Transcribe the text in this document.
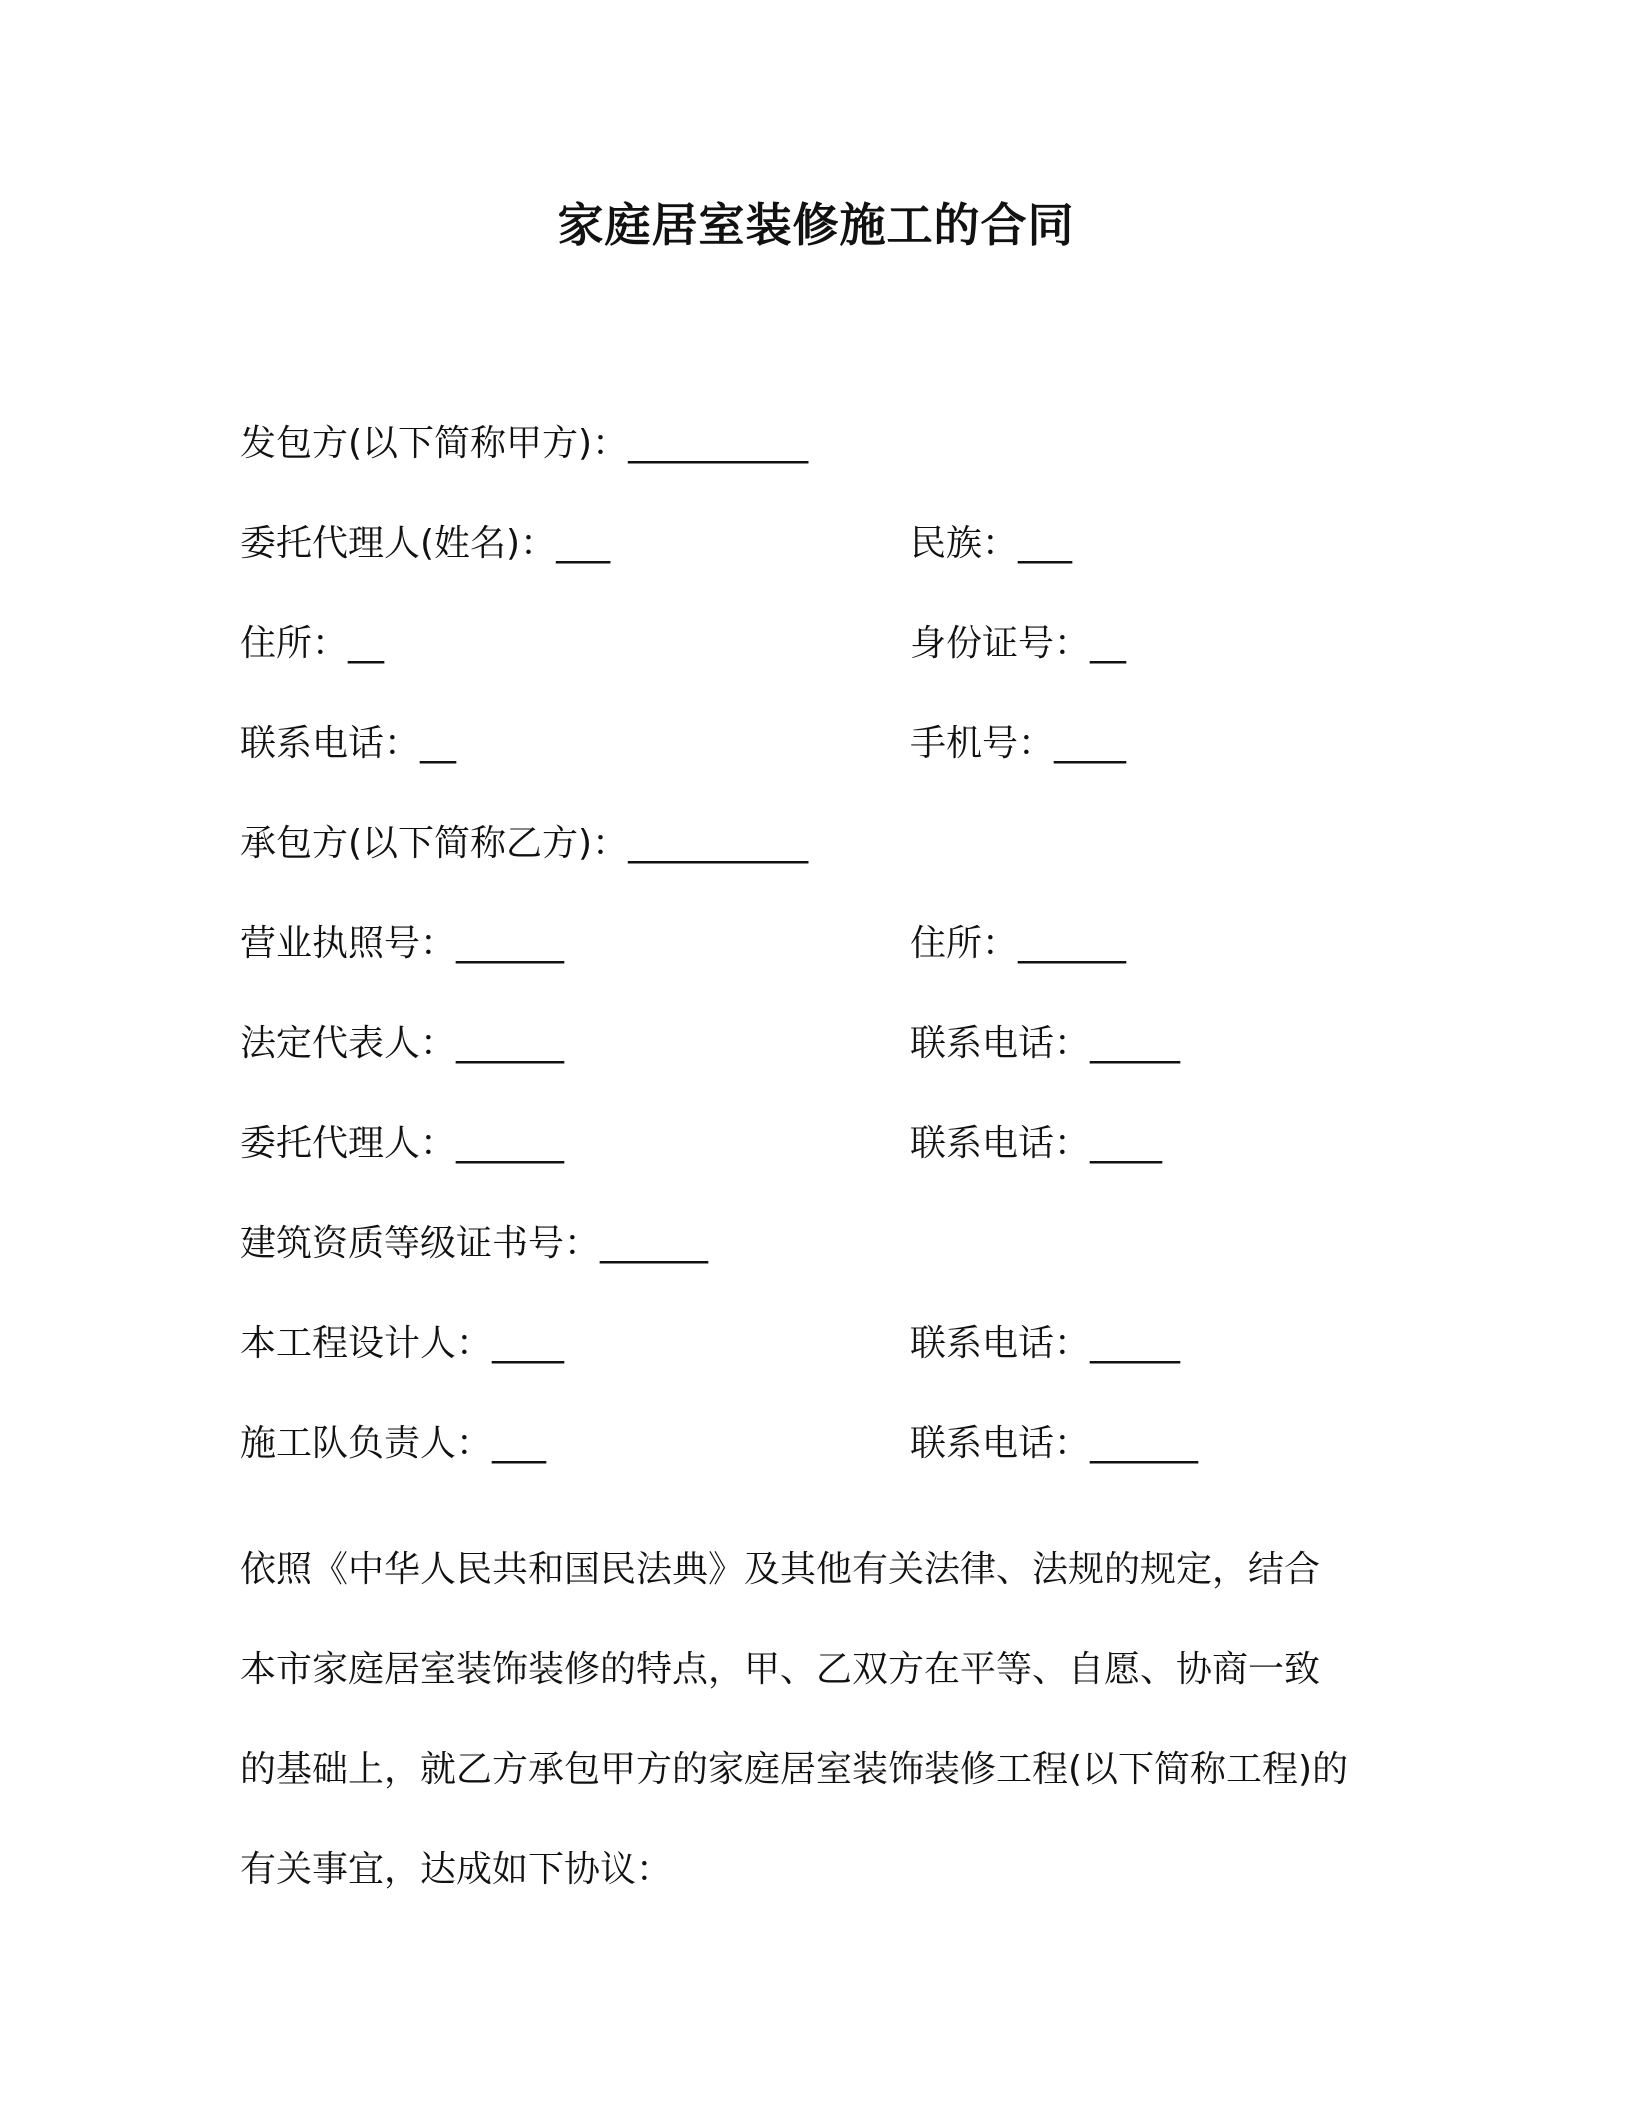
家庭居室装修施工的合同
发包方(以下简称甲方)：__________
委托代理人(姓名)：___	民族：___
住所：__	身份证号：__
联系电话：__	手机号：____
承包方(以下简称乙方)：__________
营业执照号：______	住所：______
法定代表人：______	联系电话：_____
委托代理人：______	联系电话：____
建筑资质等级证书号：______
本工程设计人：____	联系电话：_____
施工队负责人：___	联系电话：______
依照《中华人民共和国民法典》及其他有关法律、法规的规定，结合
本市家庭居室装饰装修的特点，甲、乙双方在平等、自愿、协商一致
的基础上，就乙方承包甲方的家庭居室装饰装修工程(以下简称工程)的
有关事宜，达成如下协议：
